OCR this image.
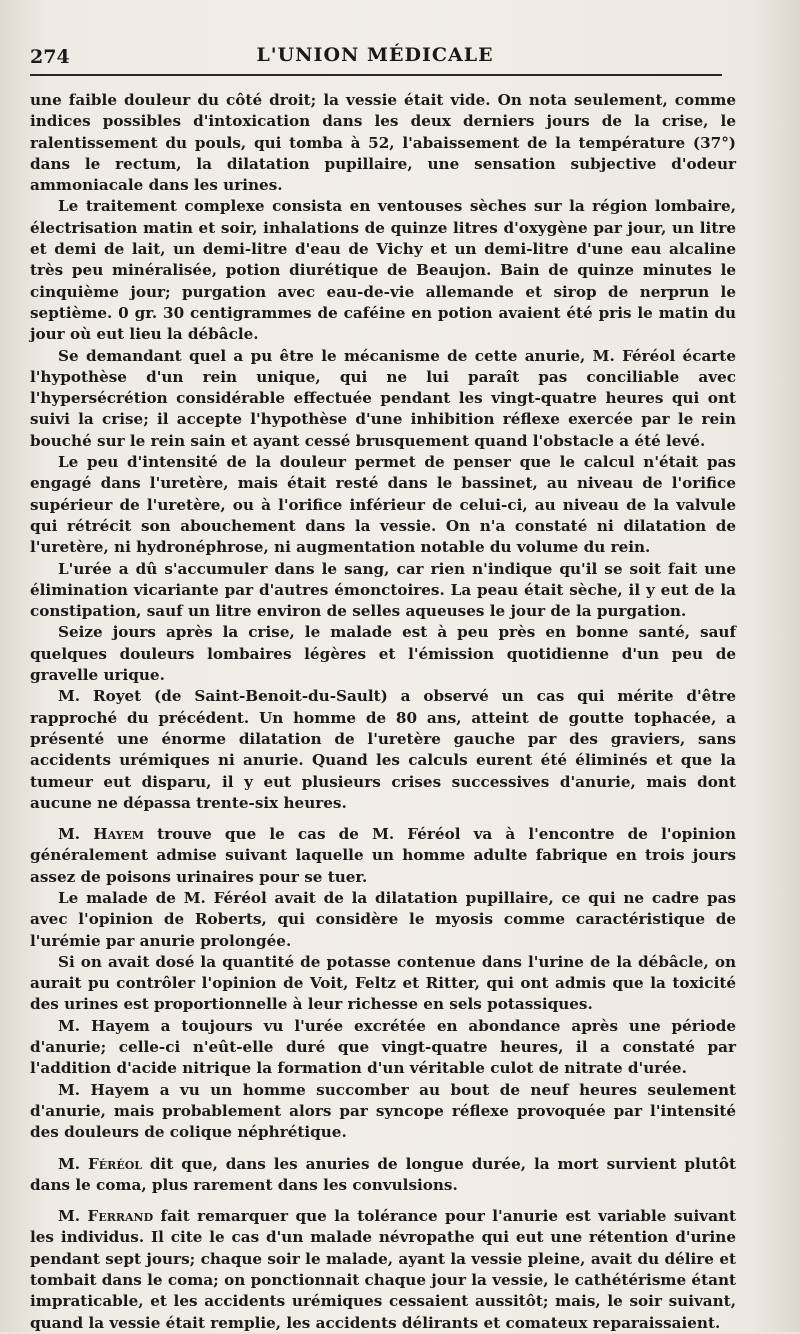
274	L'UNION MÉDICALE

une faible douleur du côté droit; la vessie était vide. On nota seulement, comme indices possibles d'intoxication dans les deux derniers jours de la crise, le ralentissement du pouls, qui tomba à 52, l'abaissement de la température (37°) dans le rectum, la dilatation pupillaire, une sensation subjective d'odeur ammoniacale dans les urines.

Le traitement complexe consista en ventouses sèches sur la région lombaire, électrisation matin et soir, inhalations de quinze litres d'oxygène par jour, un litre et demi de lait, un demi-litre d'eau de Vichy et un demi-litre d'une eau alcaline très peu minéralisée, potion diurétique de Beaujon. Bain de quinze minutes le cinquième jour; purgation avec eau-de-vie allemande et sirop de nerprun le septième. 0 gr. 30 centigrammes de caféine en potion avaient été pris le matin du jour où eut lieu la débâcle.

Se demandant quel a pu être le mécanisme de cette anurie, M. Féréol écarte l'hypothèse d'un rein unique, qui ne lui paraît pas conciliable avec l'hypersécrétion considérable effectuée pendant les vingt-quatre heures qui ont suivi la crise; il accepte l'hypothèse d'une inhibition réflexe exercée par le rein bouché sur le rein sain et ayant cessé brusquement quand l'obstacle a été levé.

Le peu d'intensité de la douleur permet de penser que le calcul n'était pas engagé dans l'uretère, mais était resté dans le bassinet, au niveau de l'orifice supérieur de l'uretère, ou à l'orifice inférieur de celui-ci, au niveau de la valvule qui rétrécit son abouchement dans la vessie. On n'a constaté ni dilatation de l'uretère, ni hydronéphrose, ni augmentation notable du volume du rein.

L'urée a dû s'accumuler dans le sang, car rien n'indique qu'il se soit fait une élimination vicariante par d'autres émonctoires. La peau était sèche, il y eut de la constipation, sauf un litre environ de selles aqueuses le jour de la purgation.

Seize jours après la crise, le malade est à peu près en bonne santé, sauf quelques douleurs lombaires légères et l'émission quotidienne d'un peu de gravelle urique.

M. Royet (de Saint-Benoit-du-Sault) a observé un cas qui mérite d'être rapproché du précédent. Un homme de 80 ans, atteint de goutte tophacée, a présenté une énorme dilatation de l'uretère gauche par des graviers, sans accidents urémiques ni anurie. Quand les calculs eurent été éliminés et que la tumeur eut disparu, il y eut plusieurs crises successives d'anurie, mais dont aucune ne dépassa trente-six heures.

M. Hayem trouve que le cas de M. Féréol va à l'encontre de l'opinion généralement admise suivant laquelle un homme adulte fabrique en trois jours assez de poisons urinaires pour se tuer.

Le malade de M. Féréol avait de la dilatation pupillaire, ce qui ne cadre pas avec l'opinion de Roberts, qui considère le myosis comme caractéristique de l'urémie par anurie prolongée.

Si on avait dosé la quantité de potasse contenue dans l'urine de la débâcle, on aurait pu contrôler l'opinion de Voit, Feltz et Ritter, qui ont admis que la toxicité des urines est proportionnelle à leur richesse en sels potassiques.

M. Hayem a toujours vu l'urée excrétée en abondance après une période d'anurie; celle-ci n'eût-elle duré que vingt-quatre heures, il a constaté par l'addition d'acide nitrique la formation d'un véritable culot de nitrate d'urée.

M. Hayem a vu un homme succomber au bout de neuf heures seulement d'anurie, mais probablement alors par syncope réflexe provoquée par l'intensité des douleurs de colique néphrétique.

M. Féréol dit que, dans les anuries de longue durée, la mort survient plutôt dans le coma, plus rarement dans les convulsions.

M. Ferrand fait remarquer que la tolérance pour l'anurie est variable suivant les individus. Il cite le cas d'un malade névropathe qui eut une rétention d'urine pendant sept jours; chaque soir le malade, ayant la vessie pleine, avait du délire et tombait dans le coma; on ponctionnait chaque jour la vessie, le cathétérisme étant impraticable, et les accidents urémiques cessaient aussitôt; mais, le soir suivant, quand la vessie était remplie, les accidents délirants et comateux reparaissaient.
